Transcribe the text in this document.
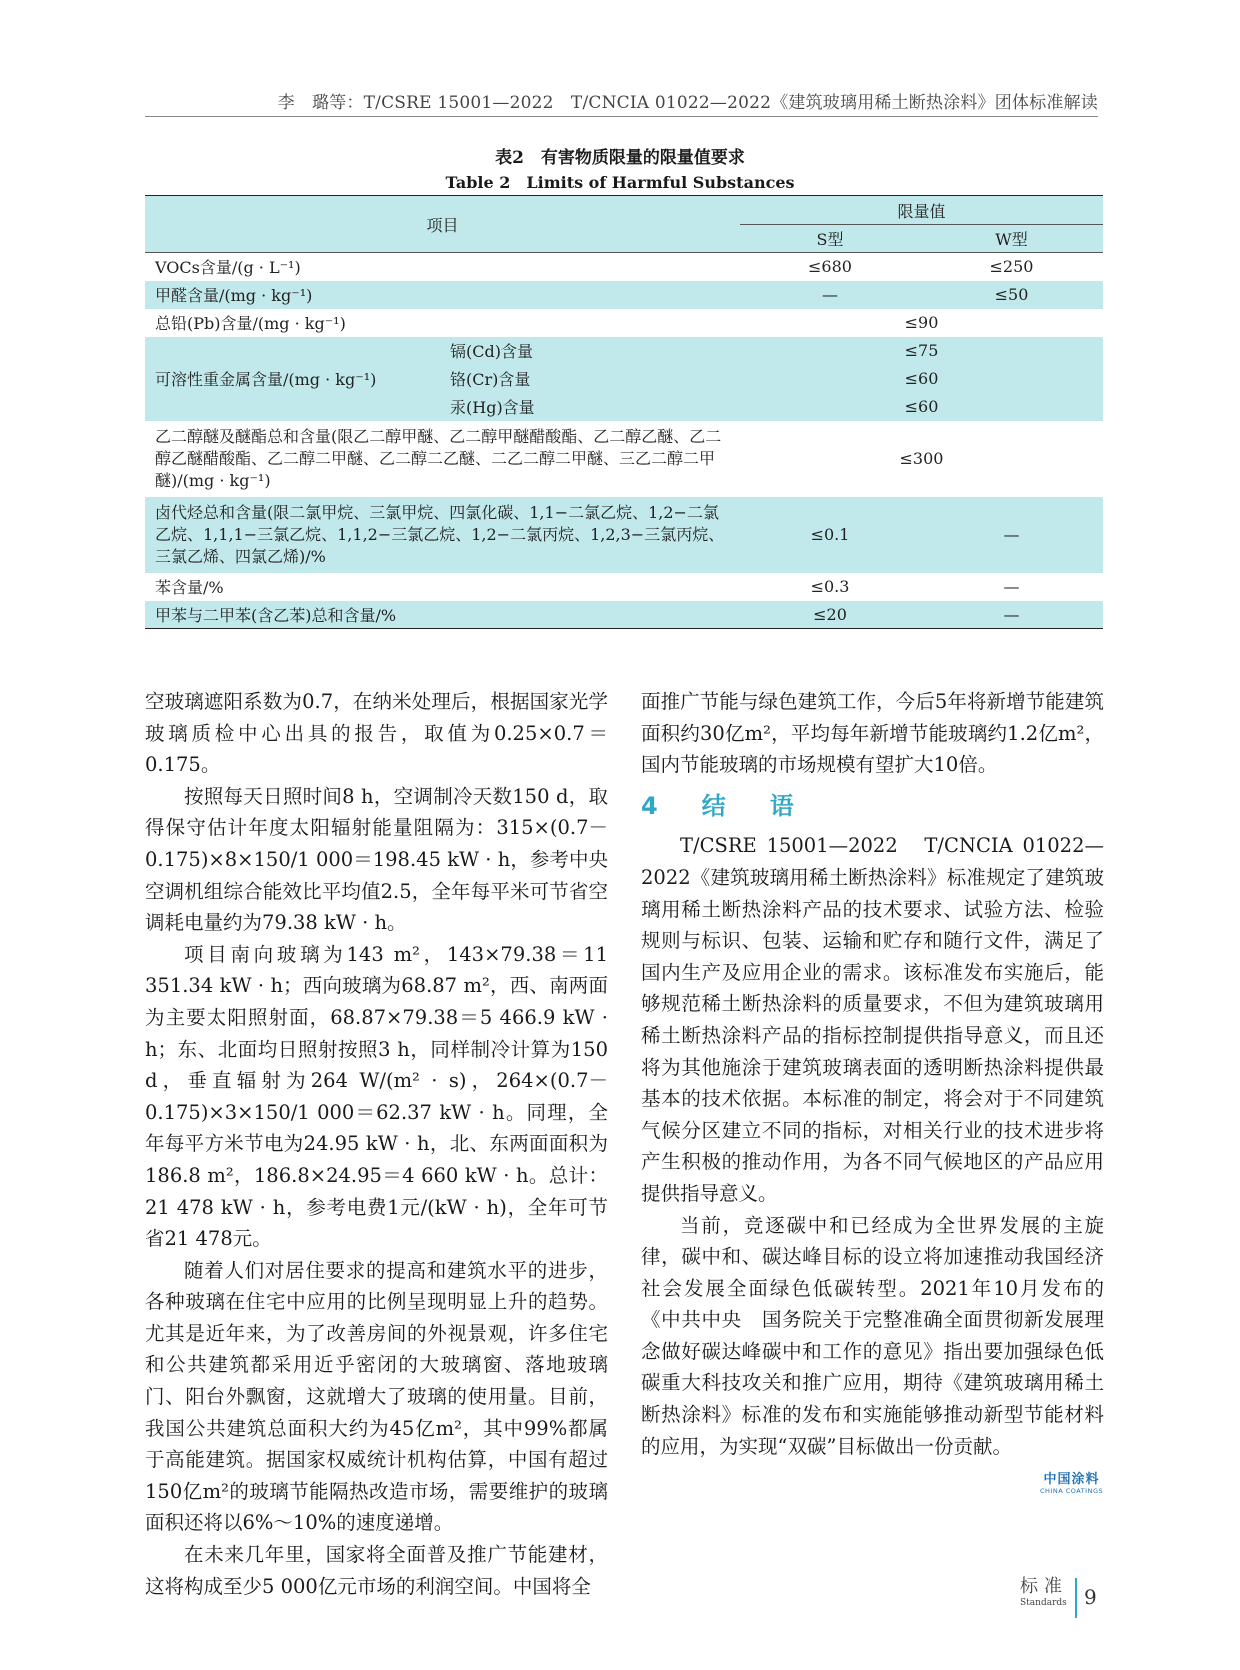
李　璐等：T/CSRE 15001—2022　T/CNCIA 01022—2022《建筑玻璃用稀土断热涂料》团体标准解读
表2　有害物质限量的限量值要求
Table 2　Limits of Harmful Substances
项目		限量值	
		S型	W型
VOCs含量/(g · L⁻¹)		≤680	≤250
甲醛含量/(mg · kg⁻¹)		—	≤50
总铅(Pb)含量/(mg · kg⁻¹)		≤90	
可溶性重金属含量/(mg · kg⁻¹)	镉(Cd)含量	≤75	
	铬(Cr)含量	≤60	
	汞(Hg)含量	≤60	
乙二醇醚及醚酯总和含量(限乙二醇甲醚、乙二醇甲醚醋酸酯、乙二醇乙醚、乙二醇乙醚醋酸酯、乙二醇二甲醚、乙二醇二乙醚、二乙二醇二甲醚、三乙二醇二甲醚)/(mg · kg⁻¹)		≤300	
卤代烃总和含量(限二氯甲烷、三氯甲烷、四氯化碳、1,1−二氯乙烷、1,2−二氯乙烷、1,1,1−三氯乙烷、1,1,2−三氯乙烷、1,2−二氯丙烷、1,2,3−三氯丙烷、三氯乙烯、四氯乙烯)/%		≤0.1	—
苯含量/%		≤0.3	—
甲苯与二甲苯(含乙苯)总和含量/%		≤20	—

空玻璃遮阳系数为0.7，在纳米处理后，根据国家光学玻璃质检中心出具的报告，取值为0.25×0.7＝0.175。

按照每天日照时间8 h，空调制冷天数150 d，取得保守估计年度太阳辐射能量阻隔为：315×(0.7－0.175)×8×150/1 000＝198.45 kW · h，参考中央空调机组综合能效比平均值2.5，全年每平米可节省空调耗电量约为79.38 kW · h。

项目南向玻璃为143 m²，143×79.38＝11 351.34 kW · h；西向玻璃为68.87 m²，西、南两面为主要太阳照射面，68.87×79.38＝5 466.9 kW · h；东、北面均日照射按照3 h，同样制冷计算为150 d，垂直辐射为264 W/(m² · s)，264×(0.7－0.175)×3×150/1 000＝62.37 kW · h。同理，全年每平方米节电为24.95 kW · h，北、东两面面积为186.8 m²，186.8×24.95＝4 660 kW · h。总计：21 478 kW · h，参考电费1元/(kW · h)，全年可节省21 478元。

随着人们对居住要求的提高和建筑水平的进步，各种玻璃在住宅中应用的比例呈现明显上升的趋势。尤其是近年来，为了改善房间的外视景观，许多住宅和公共建筑都采用近乎密闭的大玻璃窗、落地玻璃门、阳台外飘窗，这就增大了玻璃的使用量。目前，我国公共建筑总面积大约为45亿m²，其中99%都属于高能建筑。据国家权威统计机构估算，中国有超过150亿m²的玻璃节能隔热改造市场，需要维护的玻璃面积还将以6%～10%的速度递增。

在未来几年里，国家将全面普及推广节能建材，这将构成至少5 000亿元市场的利润空间。中国将全

面推广节能与绿色建筑工作，今后5年将新增节能建筑面积约30亿m²，平均每年新增节能玻璃约1.2亿m²，国内节能玻璃的市场规模有望扩大10倍。

4　结　语

T/CSRE 15001—2022　T/CNCIA 01022—2022《建筑玻璃用稀土断热涂料》标准规定了建筑玻璃用稀土断热涂料产品的技术要求、试验方法、检验规则与标识、包装、运输和贮存和随行文件，满足了国内生产及应用企业的需求。该标准发布实施后，能够规范稀土断热涂料的质量要求，不但为建筑玻璃用稀土断热涂料产品的指标控制提供指导意义，而且还将为其他施涂于建筑玻璃表面的透明断热涂料提供最基本的技术依据。本标准的制定，将会对于不同建筑气候分区建立不同的指标，对相关行业的技术进步将产生积极的推动作用，为各不同气候地区的产品应用提供指导意义。

当前，竞逐碳中和已经成为全世界发展的主旋律，碳中和、碳达峰目标的设立将加速推动我国经济社会发展全面绿色低碳转型。2021年10月发布的《中共中央　国务院关于完整准确全面贯彻新发展理念做好碳达峰碳中和工作的意见》指出要加强绿色低碳重大科技攻关和推广应用，期待《建筑玻璃用稀土断热涂料》标准的发布和实施能够推动新型节能材料的应用，为实现“双碳”目标做出一份贡献。

中国涂料
CHINA COATINGS
标准
Standards 9
